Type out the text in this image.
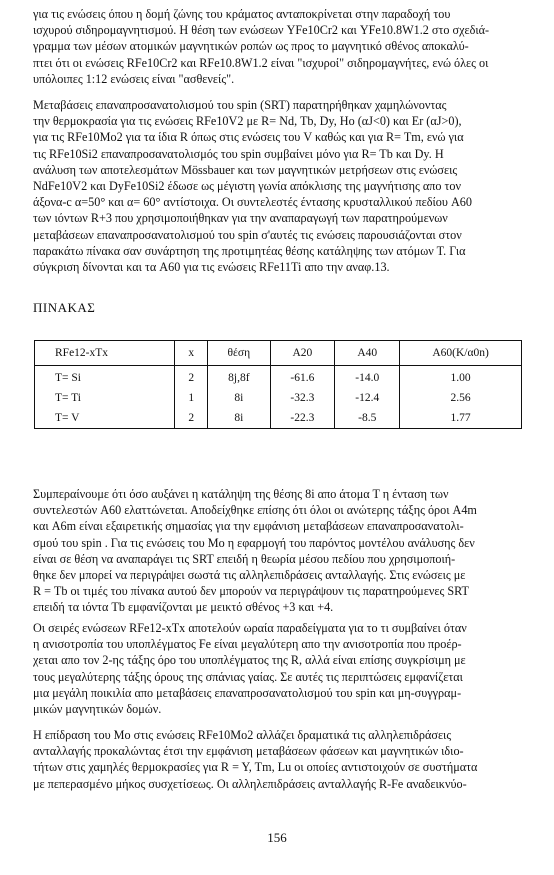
για τις ενώσεις όπου η δομή ζώνης του κράματος ανταποκρίνεται στην παραδοχή του
ισχυρού σιδηρομαγνητισμού. Η θέση των ενώσεων YFe10Cr2 και YFe10.8W1.2 στο σχεδιά-
γραμμα των μέσων ατομικών μαγνητικών ροπών ως προς το μαγνητικό σθένος αποκαλύ-
πτει ότι οι ενώσεις RFe10Cr2 και RFe10.8W1.2 είναι "ισχυροί" σιδηρομαγνήτες, ενώ όλες οι
υπόλοιπες 1:12 ενώσεις είναι "ασθενείς".

Μεταβάσεις επαναπροσανατολισμού του spin (SRT) παρατηρήθηκαν χαμηλώνοντας
την θερμοκρασία για τις ενώσεις RFe10V2 με R= Nd, Tb, Dy, Ho (αJ<0) και Er (αJ>0),
για τις RFe10Mo2 για τα ίδια R όπως στις ενώσεις του V καθώς και για R= Tm, ενώ για
τις RFe10Si2 επαναπροσανατολισμός του spin συμβαίνει μόνο για R= Tb και Dy. Η
ανάλυση των αποτελεσμάτων Mössbauer και των μαγνητικών μετρήσεων στις ενώσεις
NdFe10V2 και DyFe10Si2 έδωσε ως μέγιστη γωνία απόκλισης της μαγνήτισης απο τον
άξονα-c α=50° και α= 60° αντίστοιχα. Οι συντελεστές έντασης κρυσταλλικού πεδίου A60
των ιόντων R+3 που χρησιμοποιήθηκαν για την αναπαραγωγή των παρατηρούμενων
μεταβάσεων επαναπροσανατολισμού του spin σ'αυτές τις ενώσεις παρουσιάζονται στον
παρακάτω πίνακα σαν συνάρτηση της προτιμητέας θέσης κατάληψης των ατόμων Τ. Για
σύγκριση δίνονται και τα A60 για τις ενώσεις RFe11Ti απο την αναφ.13.

ΠΙΝΑΚΑΣ

RFe12-xTx	x	θέση	A20	A40	A60(K/α0n)
T= Si	2	8j,8f	-61.6	-14.0	1.00
T= Ti	1	8i	-32.3	-12.4	2.56
T= V	2	8i	-22.3	-8.5	1.77

Συμπεραίνουμε ότι όσο αυξάνει η κατάληψη της θέσης 8i απο άτομα Τ η ένταση των
συντελεστών A60 ελαττώνεται. Αποδείχθηκε επίσης ότι όλοι οι ανώτερης τάξης όροι A4m
και A6m είναι εξαιρετικής σημασίας για την εμφάνιση μεταβάσεων επαναπροσανατολι-
σμού του spin . Για τις ενώσεις του Mo η εφαρμογή του παρόντος μοντέλου ανάλυσης δεν
είναι σε θέση να αναπαράγει τις SRT επειδή η θεωρία μέσου πεδίου που χρησιμοποιή-
θηκε δεν μπορεί να περιγράψει σωστά τις αλληλεπιδράσεις ανταλλαγής. Στις ενώσεις με
R = Tb οι τιμές του πίνακα αυτού δεν μπορούν να περιγράψουν τις παρατηρούμενες SRT
επειδή τα ιόντα Tb εμφανίζονται με μεικτό σθένος +3 και +4.

Οι σειρές ενώσεων RFe12-xTx αποτελούν ωραία παραδείγματα για το τι συμβαίνει όταν
η ανισοτροπία του υποπλέγματος Fe είναι μεγαλύτερη απο την ανισοτροπία που προέρ-
χεται απο τον 2-ης τάξης όρο του υποπλέγματος της R, αλλά είναι επίσης συγκρίσιμη με
τους μεγαλύτερης τάξης όρους της σπάνιας γαίας. Σε αυτές τις περιπτώσεις εμφανίζεται
μια μεγάλη ποικιλία απο μεταβάσεις επαναπροσανατολισμού του spin και μη-συγγραμ-
μικών μαγνητικών δομών.

Η επίδραση του Mo στις ενώσεις RFe10Mo2 αλλάζει δραματικά τις αλληλεπιδράσεις
ανταλλαγής προκαλώντας έτσι την εμφάνιση μεταβάσεων φάσεων και μαγνητικών ιδιο-
τήτων στις χαμηλές θερμοκρασίες για R = Y, Tm, Lu οι οποίες αντιστοιχούν σε συστήματα
με πεπερασμένο μήκος συσχετίσεως. Οι αλληλεπιδράσεις ανταλλαγής R-Fe αναδεικνύο-

156
